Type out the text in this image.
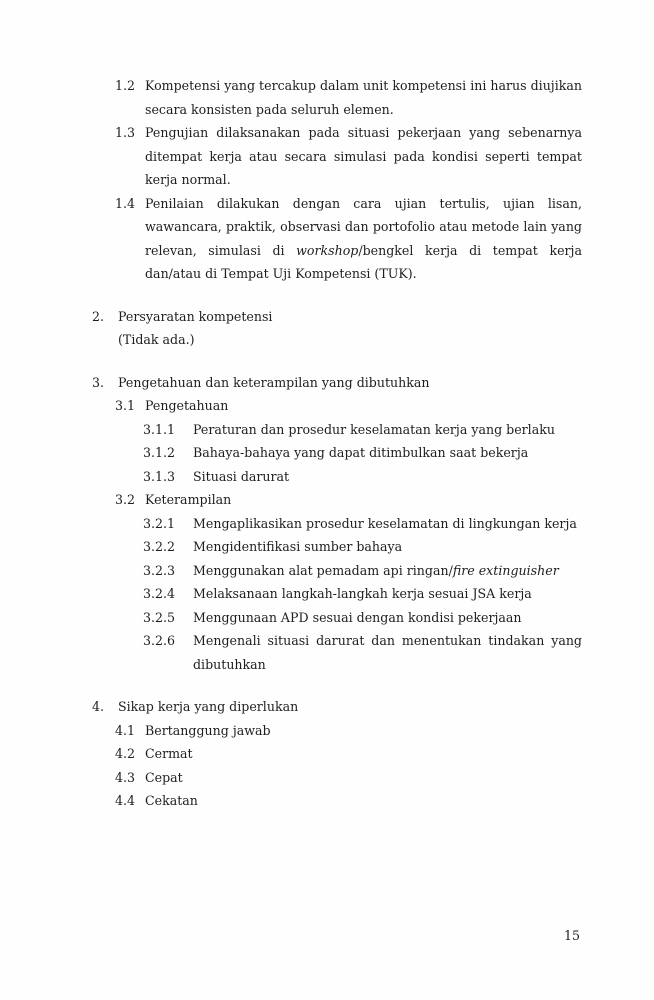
1.2 Kompetensi yang tercakup dalam unit kompetensi ini harus diujikan secara konsisten pada seluruh elemen.

1.3 Pengujian dilaksanakan pada situasi pekerjaan yang sebenarnya ditempat kerja atau secara simulasi pada kondisi seperti tempat kerja normal.

1.4 Penilaian dilakukan dengan cara ujian tertulis, ujian lisan, wawancara, praktik, observasi dan portofolio atau metode lain yang relevan, simulasi di workshop/bengkel kerja di tempat kerja dan/atau di Tempat Uji Kompetensi (TUK).

2.	Persyaratan kompetensi

(Tidak ada.)

3.	Pengetahuan dan keterampilan yang dibutuhkan

3.1 Pengetahuan

3.1.1	Peraturan dan prosedur keselamatan kerja yang berlaku

3.1.2	Bahaya-bahaya yang dapat ditimbulkan saat bekerja

3.1.3	Situasi darurat

3.2 Keterampilan

3.2.1	Mengaplikasikan prosedur keselamatan di lingkungan kerja

3.2.2	Mengidentifikasi sumber bahaya

3.2.3	Menggunakan alat pemadam api ringan/fire extinguisher

3.2.4	Melaksanaan langkah-langkah kerja sesuai JSA kerja

3.2.5	Menggunaan APD sesuai dengan kondisi pekerjaan

3.2.6	Mengenali situasi darurat dan menentukan tindakan yang dibutuhkan

4.	Sikap kerja yang diperlukan

4.1 Bertanggung jawab

4.2 Cermat

4.3 Cepat

4.4 Cekatan

15
